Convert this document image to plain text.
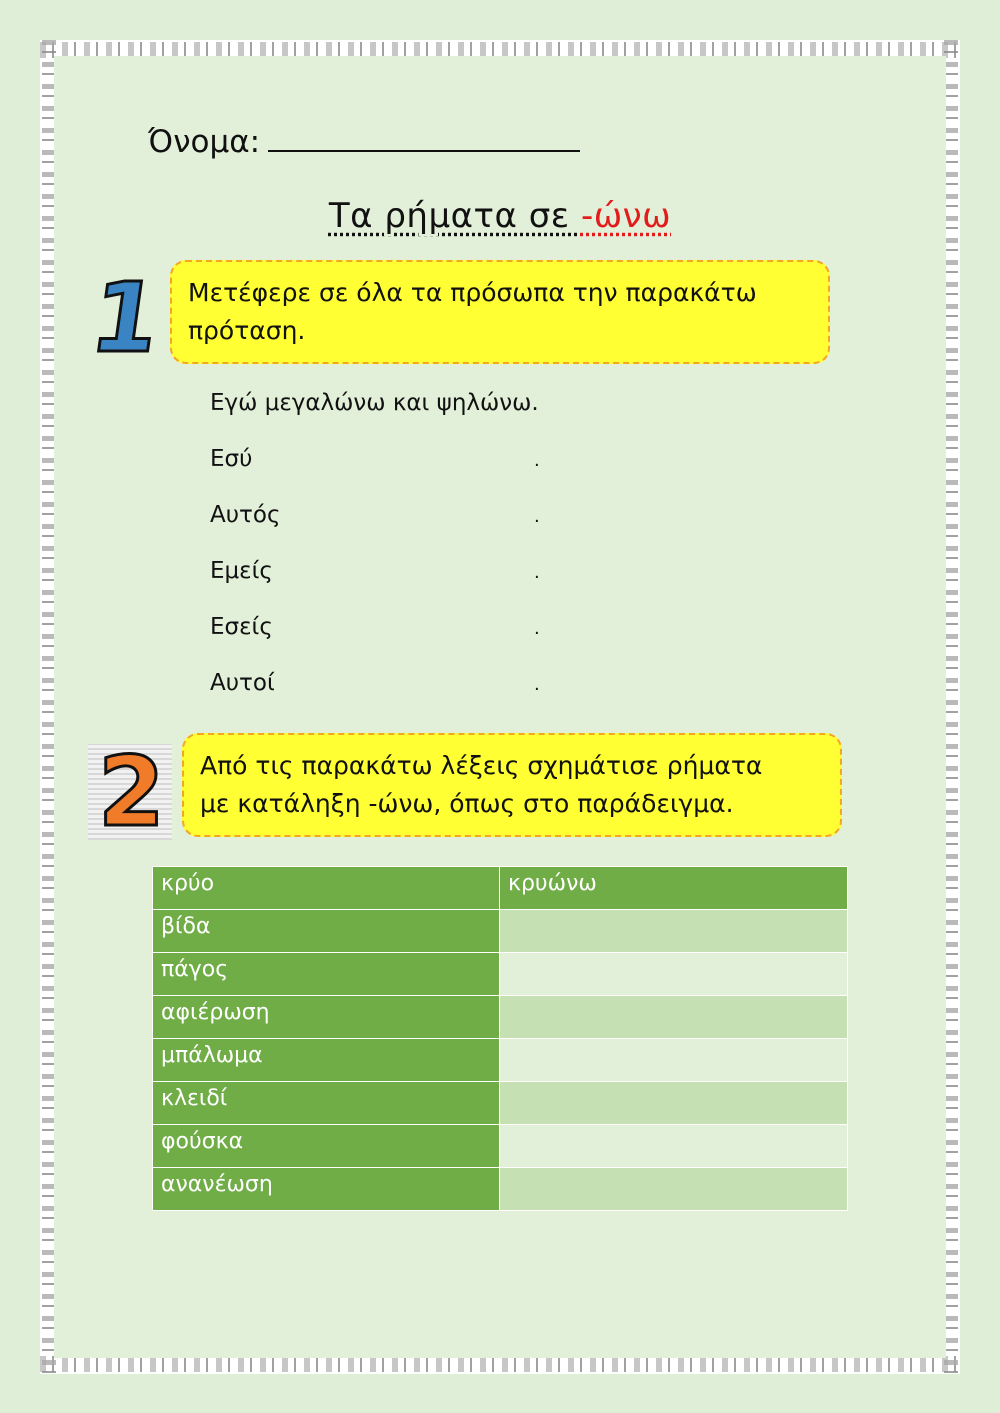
Όνομα:
Τα ρήματα σε -ώνω
1 Μετέφερε σε όλα τα πρόσωπα την παρακάτω
πρόταση.
Εγώ μεγαλώνω και ψηλώνω.
Εσύ	.
Αυτός	.
Εμείς	.
Εσείς	.
Αυτοί	.
2 Από τις παρακάτω λέξεις σχημάτισε ρήματα
με κατάληξη -ώνω, όπως στο παράδειγμα.
κρύο	κρυώνω
βίδα	
πάγος	
αφιέρωση	
μπάλωμα	
κλειδί	
φούσκα	
ανανέωση	
